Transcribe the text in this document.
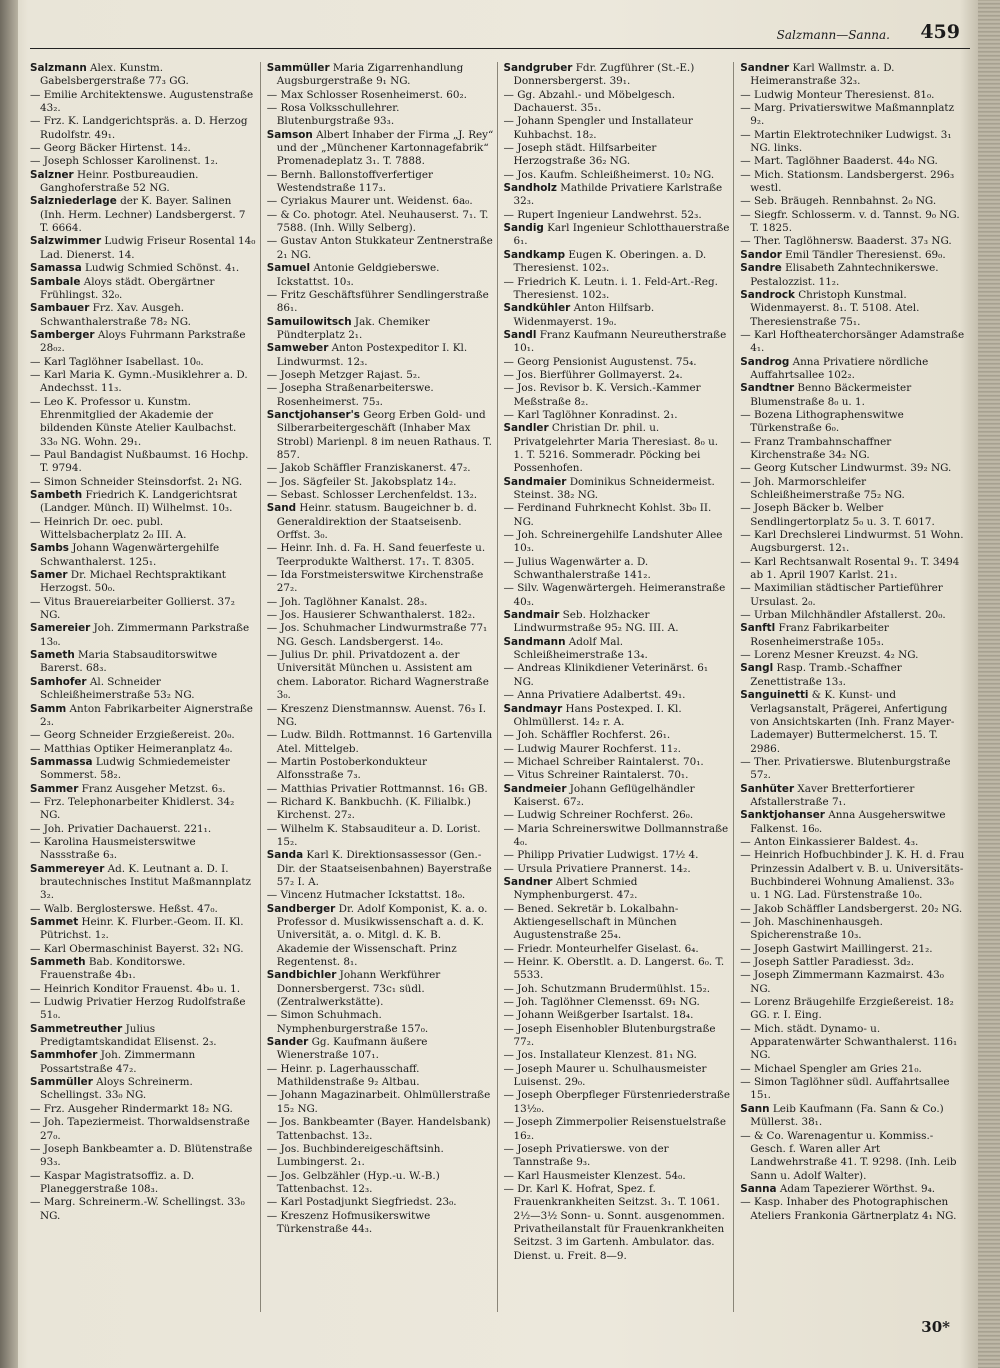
Salzmann—Sanna. 459

Salzmann Alex. Kunstm. Gabelsbergerstraße 77₃ GG.

— Emilie Architektenswe. Augustenstraße 43₂.

— Frz. K. Landgerichtspräs. a. D. Herzog Rudolfstr. 49₁.

— Georg Bäcker Hirtenst. 14₂.

— Joseph Schlosser Karolinenst. 1₂.

Salzner Heinr. Postbureaudien. Ganghoferstraße 52 NG.

Salzniederlage der K. Bayer. Salinen (Inh. Herm. Lechner) Landsbergerst. 7 T. 6664.

Salzwimmer Ludwig Friseur Rosental 14₀ Lad. Dienerst. 14.

Samassa Ludwig Schmied Schönst. 4₁.

Sambale Aloys städt. Obergärtner Frühlingst. 32₀.

Sambauer Frz. Xav. Ausgeh. Schwanthalerstraße 78₂ NG.

Samberger Aloys Fuhrmann Parkstraße 28₀₂.

— Karl Taglöhner Isabellast. 10₀.

— Karl Maria K. Gymn.-Musiklehrer a. D. Andechsst. 11₃.

— Leo K. Professor u. Kunstm. Ehrenmitglied der Akademie der bildenden Künste Atelier Kaulbachst. 33₀ NG. Wohn. 29₁.

— Paul Bandagist Nußbaumst. 16 Hochp. T. 9794.

— Simon Schneider Steinsdorfst. 2₁ NG.

Sambeth Friedrich K. Landgerichtsrat (Landger. Münch. II) Wilhelmst. 10₃.

— Heinrich Dr. oec. publ. Wittelsbacherplatz 2₀ III. A.

Sambs Johann Wagenwärtergehilfe Schwanthalerst. 125₁.

Samer Dr. Michael Rechtspraktikant Herzogst. 50₀.

— Vitus Brauereiarbeiter Gollierst. 37₂ NG.

Samereier Joh. Zimmermann Parkstraße 13₀.

Sameth Maria Stabsauditorswitwe Barerst. 68₃.

Samhofer Al. Schneider Schleißheimerstraße 53₂ NG.

Samm Anton Fabrikarbeiter Aignerstraße 2₃.

— Georg Schneider Erzgießereist. 20₀.

— Matthias Optiker Heimeranplatz 4₀.

Sammassa Ludwig Schmiedemeister Sommerst. 58₂.

Sammer Franz Ausgeher Metzst. 6₃.

— Frz. Telephonarbeiter Khidlerst. 34₂ NG.

— Joh. Privatier Dachauerst. 221₁.

— Karolina Hausmeisterswitwe Nassstraße 6₃.

Sammereyer Ad. K. Leutnant a. D. I. brautechnisches Institut Maßmannplatz 3₂.

— Walb. Berglosterswe. Heßst. 47₀.

Sammet Heinr. K. Flurber.-Geom. II. Kl. Pütrichst. 1₂.

— Karl Obermaschinist Bayerst. 32₁ NG.

Sammeth Bab. Konditorswe. Frauenstraße 4b₁.

— Heinrich Konditor Frauenst. 4b₀ u. 1.

— Ludwig Privatier Herzog Rudolfstraße 51₀.

Sammetreuther Julius Predigtamtskandidat Elisenst. 2₃.

Sammhofer Joh. Zimmermann Possartstraße 47₂.

Sammüller Aloys Schreinerm. Schellingst. 33₀ NG.

— Frz. Ausgeher Rindermarkt 18₂ NG.

— Joh. Tapeziermeist. Thorwaldsenstraße 27₀.

— Joseph Bankbeamter a. D. Blütenstraße 93₃.

— Kaspar Magistratsoffiz. a. D. Planeggerstraße 108₃.

— Marg. Schreinerm.-W. Schellingst. 33₀ NG.

Sammüller Maria Zigarrenhandlung Augsburgerstraße 9₁ NG.

— Max Schlosser Rosenheimerst. 60₂.

— Rosa Volksschullehrer. Blutenburgstraße 93₃.

Samson Albert Inhaber der Firma „J. Rey“ und der „Münchener Kartonnagefabrik“ Promenadeplatz 3₁. T. 7888.

— Bernh. Ballonstoffverfertiger Westendstraße 117₃.

— Cyriakus Maurer unt. Weidenst. 6a₀.

— & Co. photogr. Atel. Neuhauserst. 7₁. T. 7588. (Inh. Willy Selberg).

— Gustav Anton Stukkateur Zentnerstraße 2₁ NG.

Samuel Antonie Geldgieberswe. Ickstattst. 10₃.

— Fritz Geschäftsführer Sendlingerstraße 86₁.

Samuilowitsch Jak. Chemiker Pündterplatz 2₁.

Samweber Anton Postexpeditor I. Kl. Lindwurmst. 12₃.

— Joseph Metzger Rajast. 5₂.

— Josepha Straßenarbeiterswe. Rosenheimerst. 75₃.

Sanctjohanser's Georg Erben Gold- und Silberarbeitergeschäft (Inhaber Max Strobl) Marienpl. 8 im neuen Rathaus. T. 857.

— Jakob Schäffler Franziskanerst. 47₂.

— Jos. Sägfeiler St. Jakobsplatz 14₂.

— Sebast. Schlosser Lerchenfeldst. 13₂.

Sand Heinr. statusm. Baugeichner b. d. Generaldirektion der Staatseisenb. Orffst. 3₀.

— Heinr. Inh. d. Fa. H. Sand feuerfeste u. Teerprodukte Waltherst. 17₁. T. 8305.

— Ida Forstmeisterswitwe Kirchenstraße 27₂.

— Joh. Taglöhner Kanalst. 28₃.

— Jos. Hausierer Schwanthalerst. 182₂.

— Jos. Schuhmacher Lindwurmstraße 77₁ NG. Gesch. Landsbergerst. 14₀.

— Julius Dr. phil. Privatdozent a. der Universität München u. Assistent am chem. Laborator. Richard Wagnerstraße 3₀.

— Kreszenz Dienstmannsw. Auenst. 76₃ I. NG.

— Ludw. Bildh. Rottmannst. 16 Gartenvilla Atel. Mittelgeb.

— Martin Postoberkondukteur Alfonsstraße 7₃.

— Matthias Privatier Rottmannst. 16₁ GB.

— Richard K. Bankbuchh. (K. Filialbk.) Kirchenst. 27₂.

— Wilhelm K. Stabsauditeur a. D. Lorist. 15₂.

Sanda Karl K. Direktionsassessor (Gen.-Dir. der Staatseisenbahnen) Bayerstraße 57₂ I. A.

— Vincenz Hutmacher Ickstattst. 18₀.

Sandberger Dr. Adolf Komponist, K. a. o. Professor d. Musikwissenschaft a. d. K. Universität, a. o. Mitgl. d. K. B. Akademie der Wissenschaft. Prinz Regentenst. 8₁.

Sandbichler Johann Werkführer Donnersbergerst. 73c₁ südl. (Zentralwerkstätte).

— Simon Schuhmach. Nymphenburgerstraße 157₀.

Sander Gg. Kaufmann äußere Wienerstraße 107₁.

— Heinr. p. Lagerhausschaff. Mathildenstraße 9₂ Altbau.

— Johann Magazinarbeit. Ohlmüllerstraße 15₂ NG.

— Jos. Bankbeamter (Bayer. Handelsbank) Tattenbachst. 13₂.

— Jos. Buchbindereigeschäftsinh. Lumbingerst. 2₁.

— Jos. Gelbzähler (Hyp.-u. W.-B.) Tattenbachst. 12₃.

— Karl Postadjunkt Siegfriedst. 23₀.

— Kreszenz Hofmusikerswitwe Türkenstraße 44₃.

Sandgruber Fdr. Zugführer (St.-E.) Donnersbergerst. 39₁.

— Gg. Abzahl.- und Möbelgesch. Dachauerst. 35₁.

— Johann Spengler und Installateur Kuhbachst. 18₂.

— Joseph städt. Hilfsarbeiter Herzogstraße 36₂ NG.

— Jos. Kaufm. Schleißheimerst. 10₂ NG.

Sandholz Mathilde Privatiere Karlstraße 32₃.

— Rupert Ingenieur Landwehrst. 52₃.

Sandig Karl Ingenieur Schlotthauerstraße 6₁.

Sandkamp Eugen K. Oberingen. a. D. Theresienst. 102₃.

— Friedrich K. Leutn. i. 1. Feld-Art.-Reg. Theresienst. 102₃.

Sandkühler Anton Hilfsarb. Widenmayerst. 19₀.

Sandl Franz Kaufmann Neureutherstraße 10₁.

— Georg Pensionist Augustenst. 75₄.

— Jos. Bierführer Gollmayerst. 2₄.

— Jos. Revisor b. K. Versich.-Kammer Meßstraße 8₂.

— Karl Taglöhner Konradinst. 2₁.

Sandler Christian Dr. phil. u. Privatgelehrter Maria Theresiast. 8₀ u. 1. T. 5216. Sommeradr. Pöcking bei Possenhofen.

Sandmaier Dominikus Schneidermeist. Steinst. 38₂ NG.

— Ferdinand Fuhrknecht Kohlst. 3b₀ II. NG.

— Joh. Schreinergehilfe Landshuter Allee 10₃.

— Julius Wagenwärter a. D. Schwanthalerstraße 141₂.

— Silv. Wagenwärtergeh. Heimeranstraße 40₃.

Sandmair Seb. Holzhacker Lindwurmstraße 95₂ NG. III. A.

Sandmann Adolf Mal. Schleißheimerstraße 13₄.

— Andreas Klinikdiener Veterinärst. 6₁ NG.

— Anna Privatiere Adalbertst. 49₁.

Sandmayr Hans Postexped. I. Kl. Ohlmüllerst. 14₂ r. A.

— Joh. Schäffler Rochferst. 26₁.

— Ludwig Maurer Rochferst. 11₂.

— Michael Schreiber Raintalerst. 70₁.

— Vitus Schreiner Raintalerst. 70₁.

Sandmeier Johann Geflügelhändler Kaiserst. 67₂.

— Ludwig Schreiner Rochferst. 26₀.

— Maria Schreinerswitwe Dollmannstraße 4₀.

— Philipp Privatier Ludwigst. 17½ 4.

— Ursula Privatiere Prannerst. 14₂.

Sandner Albert Schmied Nymphenburgerst. 47₂.

— Bened. Sekretär b. Lokalbahn-Aktiengesellschaft in München Augustenstraße 25₄.

— Friedr. Monteurhelfer Giselast. 6₄.

— Heinr. K. Oberstlt. a. D. Langerst. 6₀. T. 5533.

— Joh. Schutzmann Brudermühlst. 15₂.

— Joh. Taglöhner Clemensst. 69₁ NG.

— Johann Weißgerber Isartalst. 18₄.

— Joseph Eisenhobler Blutenburgstraße 77₂.

— Jos. Installateur Klenzest. 81₁ NG.

— Joseph Maurer u. Schulhausmeister Luisenst. 29₀.

— Joseph Oberpfleger Fürstenriederstraße 13½₀.

— Joseph Zimmerpolier Reisenstuelstraße 16₂.

— Joseph Privatierswe. von der Tannstraße 9₃.

— Karl Hausmeister Klenzest. 54₀.

— Dr. Karl K. Hofrat, Spez. f. Frauenkrankheiten Seitzst. 3₁. T. 1061. 2½—3½ Sonn- u. Sonnt. ausgenommen. Privatheilanstalt für Frauenkrankheiten Seitzst. 3 im Gartenh. Ambulator. das. Dienst. u. Freit. 8—9.

Sandner Karl Wallmstr. a. D. Heimeranstraße 32₃.

— Ludwig Monteur Theresienst. 81₀.

— Marg. Privatierswitwe Maßmannplatz 9₂.

— Martin Elektrotechniker Ludwigst. 3₁ NG. links.

— Mart. Taglöhner Baaderst. 44₀ NG.

— Mich. Stationsm. Landsbergerst. 296₃ westl.

— Seb. Bräugeh. Rennbahnst. 2₀ NG.

— Siegfr. Schlosserm. v. d. Tannst. 9₀ NG. T. 1825.

— Ther. Taglöhnersw. Baaderst. 37₃ NG.

Sandor Emil Tändler Theresienst. 69₀.

Sandre Elisabeth Zahntechnikerswe. Pestalozzist. 11₂.

Sandrock Christoph Kunstmal. Widenmayerst. 8₁. T. 5108. Atel. Theresienstraße 75₁.

— Karl Hoftheaterchorsänger Adamstraße 4₁.

Sandrog Anna Privatiere nördliche Auffahrtsallee 102₂.

Sandtner Benno Bäckermeister Blumenstraße 8₀ u. 1.

— Bozena Lithographenswitwe Türkenstraße 6₀.

— Franz Trambahnschaffner Kirchenstraße 34₂ NG.

— Georg Kutscher Lindwurmst. 39₂ NG.

— Joh. Marmorschleifer Schleißheimerstraße 75₂ NG.

— Joseph Bäcker b. Welber Sendlingertorplatz 5₀ u. 3. T. 6017.

— Karl Drechslerei Lindwurmst. 51 Wohn. Augsburgerst. 12₁.

— Karl Rechtsanwalt Rosental 9₁. T. 3494 ab 1. April 1907 Karlst. 21₁.

— Maximilian städtischer Partieführer Ursulast. 2₀.

— Urban Milchhändler Afstallerst. 20₀.

Sanftl Franz Fabrikarbeiter Rosenheimerstraße 105₃.

— Lorenz Mesner Kreuzst. 4₂ NG.

Sangl Rasp. Tramb.-Schaffner Zenettistraße 13₃.

Sanguinetti & K. Kunst- und Verlagsanstalt, Prägerei, Anfertigung von Ansichtskarten (Inh. Franz Mayer-Lademayer) Buttermelcherst. 15. T. 2986.

— Ther. Privatierswe. Blutenburgstraße 57₂.

Sanhüter Xaver Bretterfortierer Afstallerstraße 7₁.

Sanktjohanser Anna Ausgeherswitwe Falkenst. 16₀.

— Anton Einkassierer Baldest. 4₃.

— Heinrich Hofbuchbinder J. K. H. d. Frau Prinzessin Adalbert v. B. u. Universitäts-Buchbinderei Wohnung Amalienst. 33₀ u. 1 NG. Lad. Fürstenstraße 10₀.

— Jakob Schäffler Landsbergerst. 20₂ NG.

— Joh. Maschinenhausgeh. Spicherenstraße 10₃.

— Joseph Gastwirt Maillingerst. 21₂.

— Joseph Sattler Paradiesst. 3d₂.

— Joseph Zimmermann Kazmairst. 43₀ NG.

— Lorenz Bräugehilfe Erzgießereist. 18₂ GG. r. I. Eing.

— Mich. städt. Dynamo- u. Apparatenwärter Schwanthalerst. 116₁ NG.

— Michael Spengler am Gries 21₀.

— Simon Taglöhner südl. Auffahrtsallee 15₁.

Sann Leib Kaufmann (Fa. Sann & Co.) Müllerst. 38₁.

— & Co. Warenagentur u. Kommiss.-Gesch. f. Waren aller Art Landwehrstraße 41. T. 9298. (Inh. Leib Sann u. Adolf Walter).

Sanna Adam Tapezierer Wörthst. 9₄.

— Kasp. Inhaber des Photographischen Ateliers Frankonia Gärtnerplatz 4₁ NG.

30*
